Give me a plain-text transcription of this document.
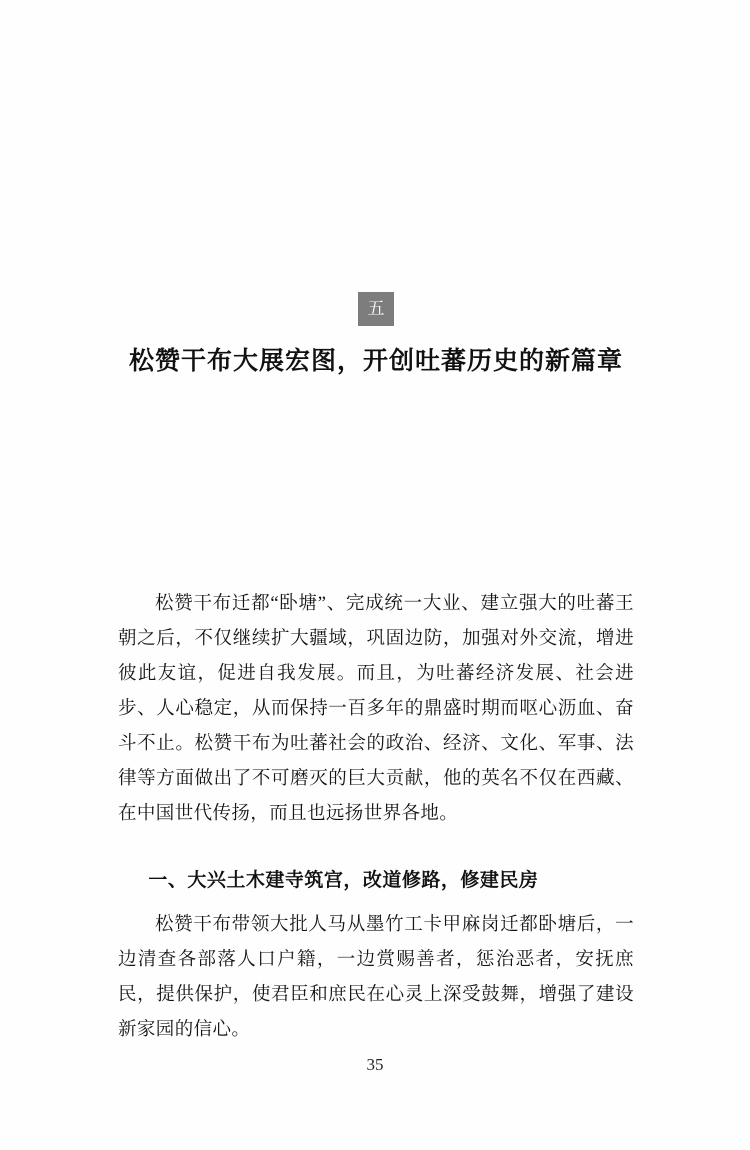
五
松赞干布大展宏图，开创吐蕃历史的新篇章

松赞干布迁都“卧塘”、完成统一大业、建立强大的吐蕃王朝之后，不仅继续扩大疆域，巩固边防，加强对外交流，增进彼此友谊，促进自我发展。而且，为吐蕃经济发展、社会进步、人心稳定，从而保持一百多年的鼎盛时期而呕心沥血、奋斗不止。松赞干布为吐蕃社会的政治、经济、文化、军事、法律等方面做出了不可磨灭的巨大贡献，他的英名不仅在西藏、在中国世代传扬，而且也远扬世界各地。

一、大兴土木建寺筑宫，改道修路，修建民房

松赞干布带领大批人马从墨竹工卡甲麻岗迁都卧塘后，一边清查各部落人口户籍，一边赏赐善者，惩治恶者，安抚庶民，提供保护，使君臣和庶民在心灵上深受鼓舞，增强了建设新家园的信心。

35
